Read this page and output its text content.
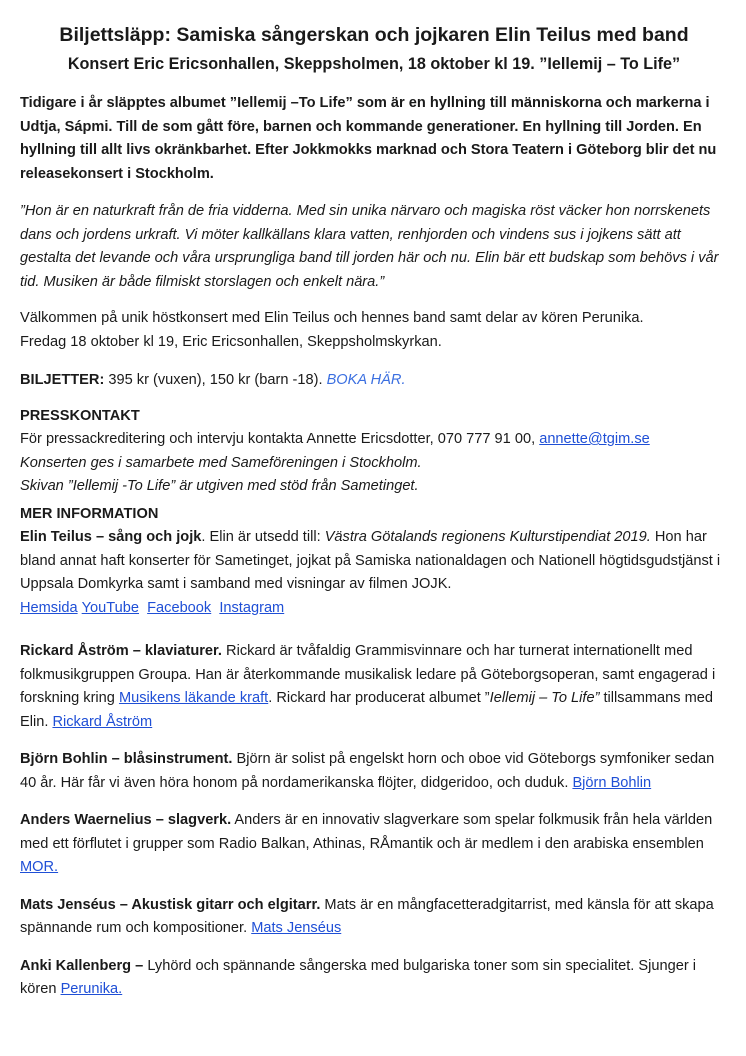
Biljettsläpp: Samiska sångerskan och jojkaren Elin Teilus med band
Konsert Eric Ericsonhallen, Skeppsholmen, 18 oktober kl 19. ”Iellemij – To Life”

Tidigare i år släpptes albumet ”Iellemij –To Life” som är en hyllning till människorna och markerna i Udtja, Sápmi. Till de som gått före, barnen och kommande generationer. En hyllning till Jorden. En hyllning till allt livs okränkbarhet. Efter Jokkmokks marknad och Stora Teatern i Göteborg blir det nu releasekonsert i Stockholm.

”Hon är en naturkraft från de fria vidderna. Med sin unika närvaro och magiska röst väcker hon norrskenets dans och jordens urkraft. Vi möter kallkällans klara vatten, renhjorden och vindens sus i jojkens sätt att gestalta det levande och våra ursprungliga band till jorden här och nu. Elin bär ett budskap som behövs i vår tid. Musiken är både filmiskt storslagen och enkelt nära.”

Välkommen på unik höstkonsert med Elin Teilus och hennes band samt delar av kören Perunika.
Fredag 18 oktober kl 19, Eric Ericsonhallen, Skeppsholmskyrkan.

BILJETTER: 395 kr (vuxen), 150 kr (barn -18). BOKA HÄR.

PRESSKONTAKT

För pressackreditering och intervju kontakta Annette Ericsdotter, 070 777 91 00, annette@tgim.se
Konserten ges i samarbete med Sameföreningen i Stockholm.
Skivan ”Iellemij -To Life” är utgiven med stöd från Sametinget.

MER INFORMATION

Elin Teilus – sång och jojk. Elin är utsedd till: Västra Götalands regionens Kulturstipendiat 2019. Hon har bland annat haft konserter för Sametinget, jojkat på Samiska nationaldagen och Nationell högtidsgudstjänst i Uppsala Domkyrka samt i samband med visningar av filmen JOJK.
Hemsida YouTube Facebook Instagram

Rickard Åström – klaviaturer. Rickard är tvåfaldig Grammisvinnare och har turnerat internationellt med folkmusikgruppen Groupa. Han är återkommande musikalisk ledare på Göteborgsoperan, samt engagerad i forskning kring Musikens läkande kraft. Rickard har producerat albumet ”Iellemij – To Life” tillsammans med Elin. Rickard Åström

Björn Bohlin – blåsinstrument. Björn är solist på engelskt horn och oboe vid Göteborgs symfoniker sedan 40 år. Här får vi även höra honom på nordamerikanska flöjter, didgeridoo, och duduk. Björn Bohlin

Anders Waernelius – slagverk. Anders är en innovativ slagverkare som spelar folkmusik från hela världen med ett förflutet i grupper som Radio Balkan, Athinas, RÅmantik och är medlem i den arabiska ensemblen MOR.

Mats Jenséus – Akustisk gitarr och elgitarr. Mats är en mångfacetteradgitarrist, med känsla för att skapa spännande rum och kompositioner. Mats Jenséus

Anki Kallenberg – Lyhörd och spännande sångerska med bulgariska toner som sin specialitet. Sjunger i kören Perunika.
